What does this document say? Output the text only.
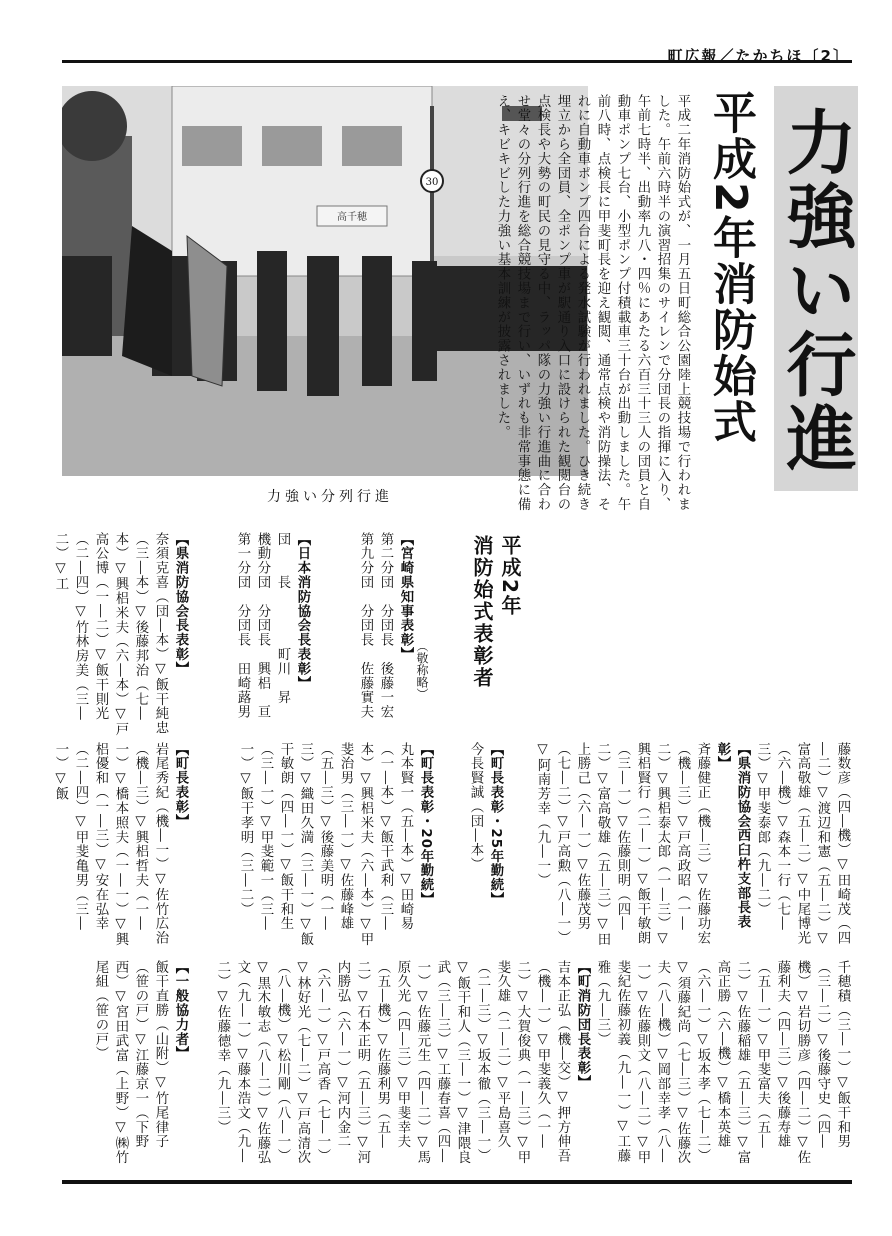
町広報／たかちほ〔2〕
高千穂
30
力強い分列行進
力強い行進
平成2年消防始式
平成二年消防始式が、一月五日町総合公園陸上競技場で行われました。午前六時半の演習招集のサイレンで分団長の指揮に入り、午前七時半、出動率九八・四％にあたる六百三十三人の団員と自動車ポンプ七台、小型ポンプ付積載車三十台が出動しました。午前八時、点検長に甲斐町長を迎え観閲、通常点検や消防操法、それに自動車ポンプ四台による発水試験が行われました。ひき続き埋立から全団員、全ポンプ車が駅通り入口に設けられた観閲台の点検長や大勢の町民の見守る中、ラッパ隊の力強い行進曲に合わせ堂々の分列行進を総合競技場まで行い、いずれも非常事態に備え、キビキビした力強い基本訓練が披露されました。
平成2年
消防始式表彰者
（敬称略）
【宮崎県知事表彰】
第二分団　分団長　後藤一宏
第九分団　分団長　佐藤實夫
【日本消防協会長表彰】
団　　長　　　　町川　昇
機動分団　分団長　興梠　亘
第一分団　分団長　田崎蕗男
【県消防協会長表彰】
奈須克喜（団―本）▽飯干純忠（三―本）▽後藤邦治（七―本）▽興梠米夫（六―本）▽戸高公博（一―二）▽飯干則光（二―四）▽竹林房美（三―二）▽工
藤数彦（四―機）▽田崎茂（四―二）▽渡辺和憲（五―二）▽富高敬雄（五―二）▽中尾博光（六―機）▽森本一行（七―三）▽甲斐泰郎（九―二）
【県消防協会西臼杵支部長表彰】
斉藤健正（機―三）▽佐藤功宏（機―三）▽戸高政昭（一―二）▽興梠泰太郎（一―三）▽興梠賢行（二―一）▽飯干敏朗（三―一）▽佐藤則明（四―二）▽富高敬雄（五―三）▽田上勝己（六―一）▽佐藤茂男（七―二）▽戸高勲（八―一）▽阿南芳幸（九―一）
【町長表彰・25年勤続】
今長賢誠（団―本）
【町長表彰・20年勤続】
丸本賢一（五―本）▽田崎易（一―本）▽飯干武利（三―本）▽興梠米夫（六―本）▽甲斐治男（三―一）▽佐藤峰雄（五―三）▽後藤美明（一―三）▽織田久満（三―一）▽飯干敏朗（四―一）▽飯干和生（三―一）▽甲斐範一（三―一）▽飯干孝明（三―二）
【町長表彰】
岩尾秀紀（機―一）▽佐竹広治（機―三）▽興梠哲夫（一―一）▽橋本照夫（一―一）▽興梠優和（一―三）▽安在弘幸（二―四）▽甲斐亀男（三―一）▽飯
千穂積（三―一）▽飯干和男（三―二）▽後藤守史（四―機）▽岩切勝彦（四―二）▽佐藤利夫（四―三）▽後藤寿雄（五―一）▽甲斐富夫（五―二）▽佐藤稲雄（五―三）▽富高正勝（六―機）▽橋本英雄（六―一）▽坂本孝（七―二）▽須藤紀尚（七―三）▽佐藤次夫（八―機）▽岡部幸孝（八―一）▽佐藤則文（八―二）▽甲斐紀佐藤初義（九―一）▽工藤雅（九―三）
【町消防団長表彰】
吉本正弘（機―交）▽押方伸吾（機―一）▽甲斐義久（一―二）▽大賀俊典（一―三）▽甲斐久雄（二―二）▽平島喜久（二―三）▽坂本徹（三―一）▽飯干和人（三―一）▽津隈良武（三―三）▽工藤春喜（四―一）▽佐藤元生（四―二）▽馬原久光（四―三）▽甲斐幸夫（五―機）▽佐藤利男（五―二）▽石本正明（五―三）▽河内勝弘（六―一）▽河内金二（六―一）▽戸高香（七―一）▽林好光（七―二）▽戸高清次（八―機）▽松川剛（八―一）▽黒木敏志（八―二）▽佐藤弘文（九―一）▽藤本浩文（九―二）▽佐藤徳幸（九―三）
【一般協力者】
飯干直勝（山附）▽竹尾律子（笹の戸）▽江藤京一（下野西）▽宮田武富（上野）▽㈱竹尾組（笹の戸）
